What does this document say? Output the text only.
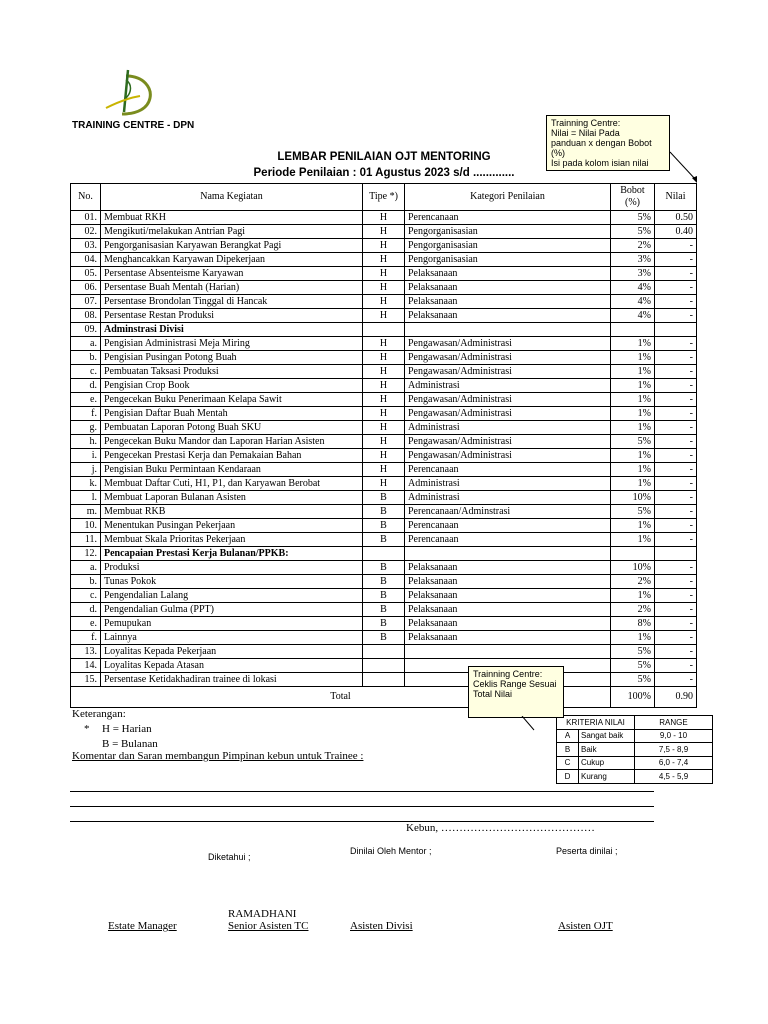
TRAINING CENTRE - DPN
LEMBAR PENILAIAN OJT MENTORING
Periode Penilaian : 01 Agustus 2023 s/d .............
Trainning Centre:
Nilai = Nilai Pada
panduan x dengan Bobot
(%)
Isi pada kolom isian nilai
No.	Nama Kegiatan	Tipe *)	Kategori Penilaian	Bobot
(%)	Nilai
01.	Membuat RKH	H	Perencanaan	5%	0.50
02.	Mengikuti/melakukan Antrian Pagi	H	Pengorganisasian	5%	0.40
03.	Pengorganisasian Karyawan Berangkat Pagi	H	Pengorganisasian	2%	-
04.	Menghancakkan Karyawan Dipekerjaan	H	Pengorganisasian	3%	-
05.	Persentase Absenteisme Karyawan	H	Pelaksanaan	3%	-
06.	Persentase Buah Mentah (Harian)	H	Pelaksanaan	4%	-
07.	Persentase Brondolan Tinggal di Hancak	H	Pelaksanaan	4%	-
08.	Persentase Restan Produksi	H	Pelaksanaan	4%	-
09.	Adminstrasi Divisi				
a.	Pengisian Administrasi Meja Miring	H	Pengawasan/Administrasi	1%	-
b.	Pengisian Pusingan Potong Buah	H	Pengawasan/Administrasi	1%	-
c.	Pembuatan Taksasi Produksi	H	Pengawasan/Administrasi	1%	-
d.	Pengisian Crop Book	H	Administrasi	1%	-
e.	Pengecekan Buku Penerimaan Kelapa Sawit	H	Pengawasan/Administrasi	1%	-
f.	Pengisian Daftar Buah Mentah	H	Pengawasan/Administrasi	1%	-
g.	Pembuatan Laporan Potong Buah SKU	H	Administrasi	1%	-
h.	Pengecekan Buku Mandor dan Laporan Harian Asisten	H	Pengawasan/Administrasi	5%	-
i.	Pengecekan Prestasi Kerja dan Pemakaian Bahan	H	Pengawasan/Administrasi	1%	-
j.	Pengisian Buku Permintaan Kendaraan	H	Perencanaan	1%	-
k.	Membuat Daftar Cuti, H1, P1, dan Karyawan Berobat	H	Administrasi	1%	-
l.	Membuat Laporan Bulanan Asisten	B	Administrasi	10%	-
m.	Membuat RKB	B	Perencanaan/Adminstrasi	5%	-
10.	Menentukan Pusingan Pekerjaan	B	Perencanaan	1%	-
11.	Membuat Skala Prioritas Pekerjaan	B	Perencanaan	1%	-
12.	Pencapaian Prestasi Kerja Bulanan/PPKB:				
a.	Produksi	B	Pelaksanaan	10%	-
b.	Tunas Pokok	B	Pelaksanaan	2%	-
c.	Pengendalian Lalang	B	Pelaksanaan	1%	-
d.	Pengendalian Gulma (PPT)	B	Pelaksanaan	2%	-
e.	Pemupukan	B	Pelaksanaan	8%	-
f.	Lainnya	B	Pelaksanaan	1%	-
13.	Loyalitas Kepada Pekerjaan			5%	-
14.	Loyalitas Kepada Atasan			5%	-
15.	Persentase Ketidakhadiran trainee di lokasi			5%	-
Total				100%	0.90
KRITERIA NILAI		RANGE
A	Sangat baik	9,0 - 10
B	Baik	7,5 - 8,9
C	Cukup	6,0 - 7,4
D	Kurang	4,5 - 5,9
Trainning Centre:
Ceklis Range Sesuai
Total Nilai
Keterangan:
* H = Harian
B = Bulanan
Komentar dan Saran membangun Pimpinan kebun untuk Trainee :
Kebun, ……………………………………
Diketahui ;
Dinilai Oleh Mentor ;	Peserta dinilai ;
RAMADHANI
Estate Manager	Senior Asisten TC	Asisten Divisi	Asisten OJT
